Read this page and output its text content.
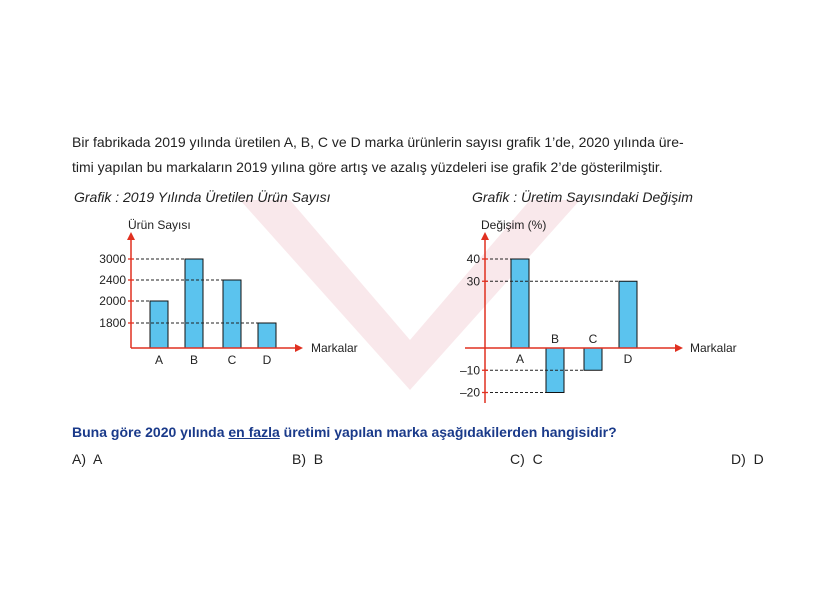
Bir fabrikada 2019 yılında üretilen A, B, C ve D marka ürünlerin sayısı grafik 1’de, 2020 yılında üre-
timi yapılan bu markaların 2019 yılına göre artış ve azalış yüzdeleri ise grafik 2’de gösterilmiştir.

Grafik : 2019 Yılında Üretilen Ürün Sayısı	Grafik : Üretim Sayısındaki Değişim
A B C D
1800
2000
2400
3000
Ürün Sayısı
Markalar
A
B C
D
40
30
–10
–20
Değişim (%)
Markalar
Buna göre 2020 yılında en fazla üretimi yapılan marka aşağıdakilerden hangisidir?
A) A	B) B	C) C	D) D
